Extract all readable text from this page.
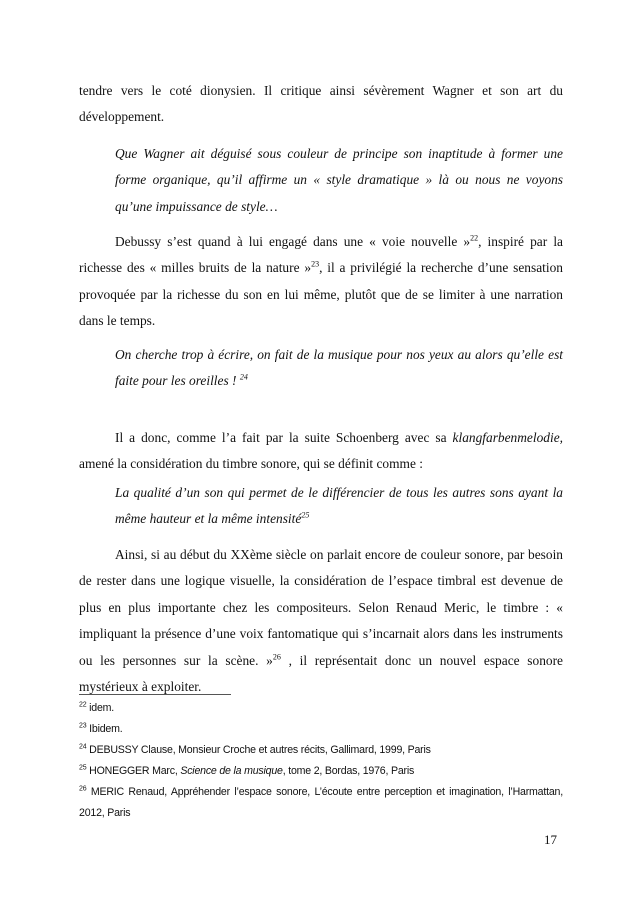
tendre vers le coté dionysien. Il critique ainsi sévèrement Wagner et son art du développement.

Que Wagner ait déguisé sous couleur de principe son inaptitude à former une forme organique, qu’il affirme un « style dramatique » là ou nous ne voyons qu’une impuissance de style…

Debussy s’est quand à lui engagé dans une « voie nouvelle »$^{22}$, inspiré par la richesse des « milles bruits de la nature »$^{23}$, il a privilégié la recherche d’une sensation provoquée par la richesse du son en lui même, plutôt que de se limiter à une narration dans le temps.

On cherche trop à écrire, on fait de la musique pour nos yeux au alors qu’elle est faite pour les oreilles ! $^{24}$

Il a donc, comme l’a fait par la suite Schoenberg avec sa klangfarbenmelodie, amené la considération du timbre sonore, qui se définit comme :

La qualité d’un son qui permet de le différencier de tous les autres sons ayant la même hauteur et la même intensité$^{25}$

Ainsi, si au début du XXème siècle on parlait encore de couleur sonore, par besoin de rester dans une logique visuelle, la considération de l’espace timbral est devenue de plus en plus importante chez les compositeurs. Selon Renaud Meric, le timbre : « impliquant la présence d’une voix fantomatique qui s’incarnait alors dans les instruments ou les personnes sur la scène. »$^{26}$ , il représentait donc un nouvel espace sonore mystérieux à exploiter.

$^{22}$ idem.

$^{23}$ Ibidem.

$^{24}$ DEBUSSY Clause, Monsieur Croche et autres récits, Gallimard, 1999, Paris

$^{25}$ HONEGGER Marc, Science de la musique, tome 2, Bordas, 1976, Paris

$^{26}$ MERIC Renaud, Appréhender l’espace sonore, L’écoute entre perception et imagination, l’Harmattan, 2012, Paris

17
